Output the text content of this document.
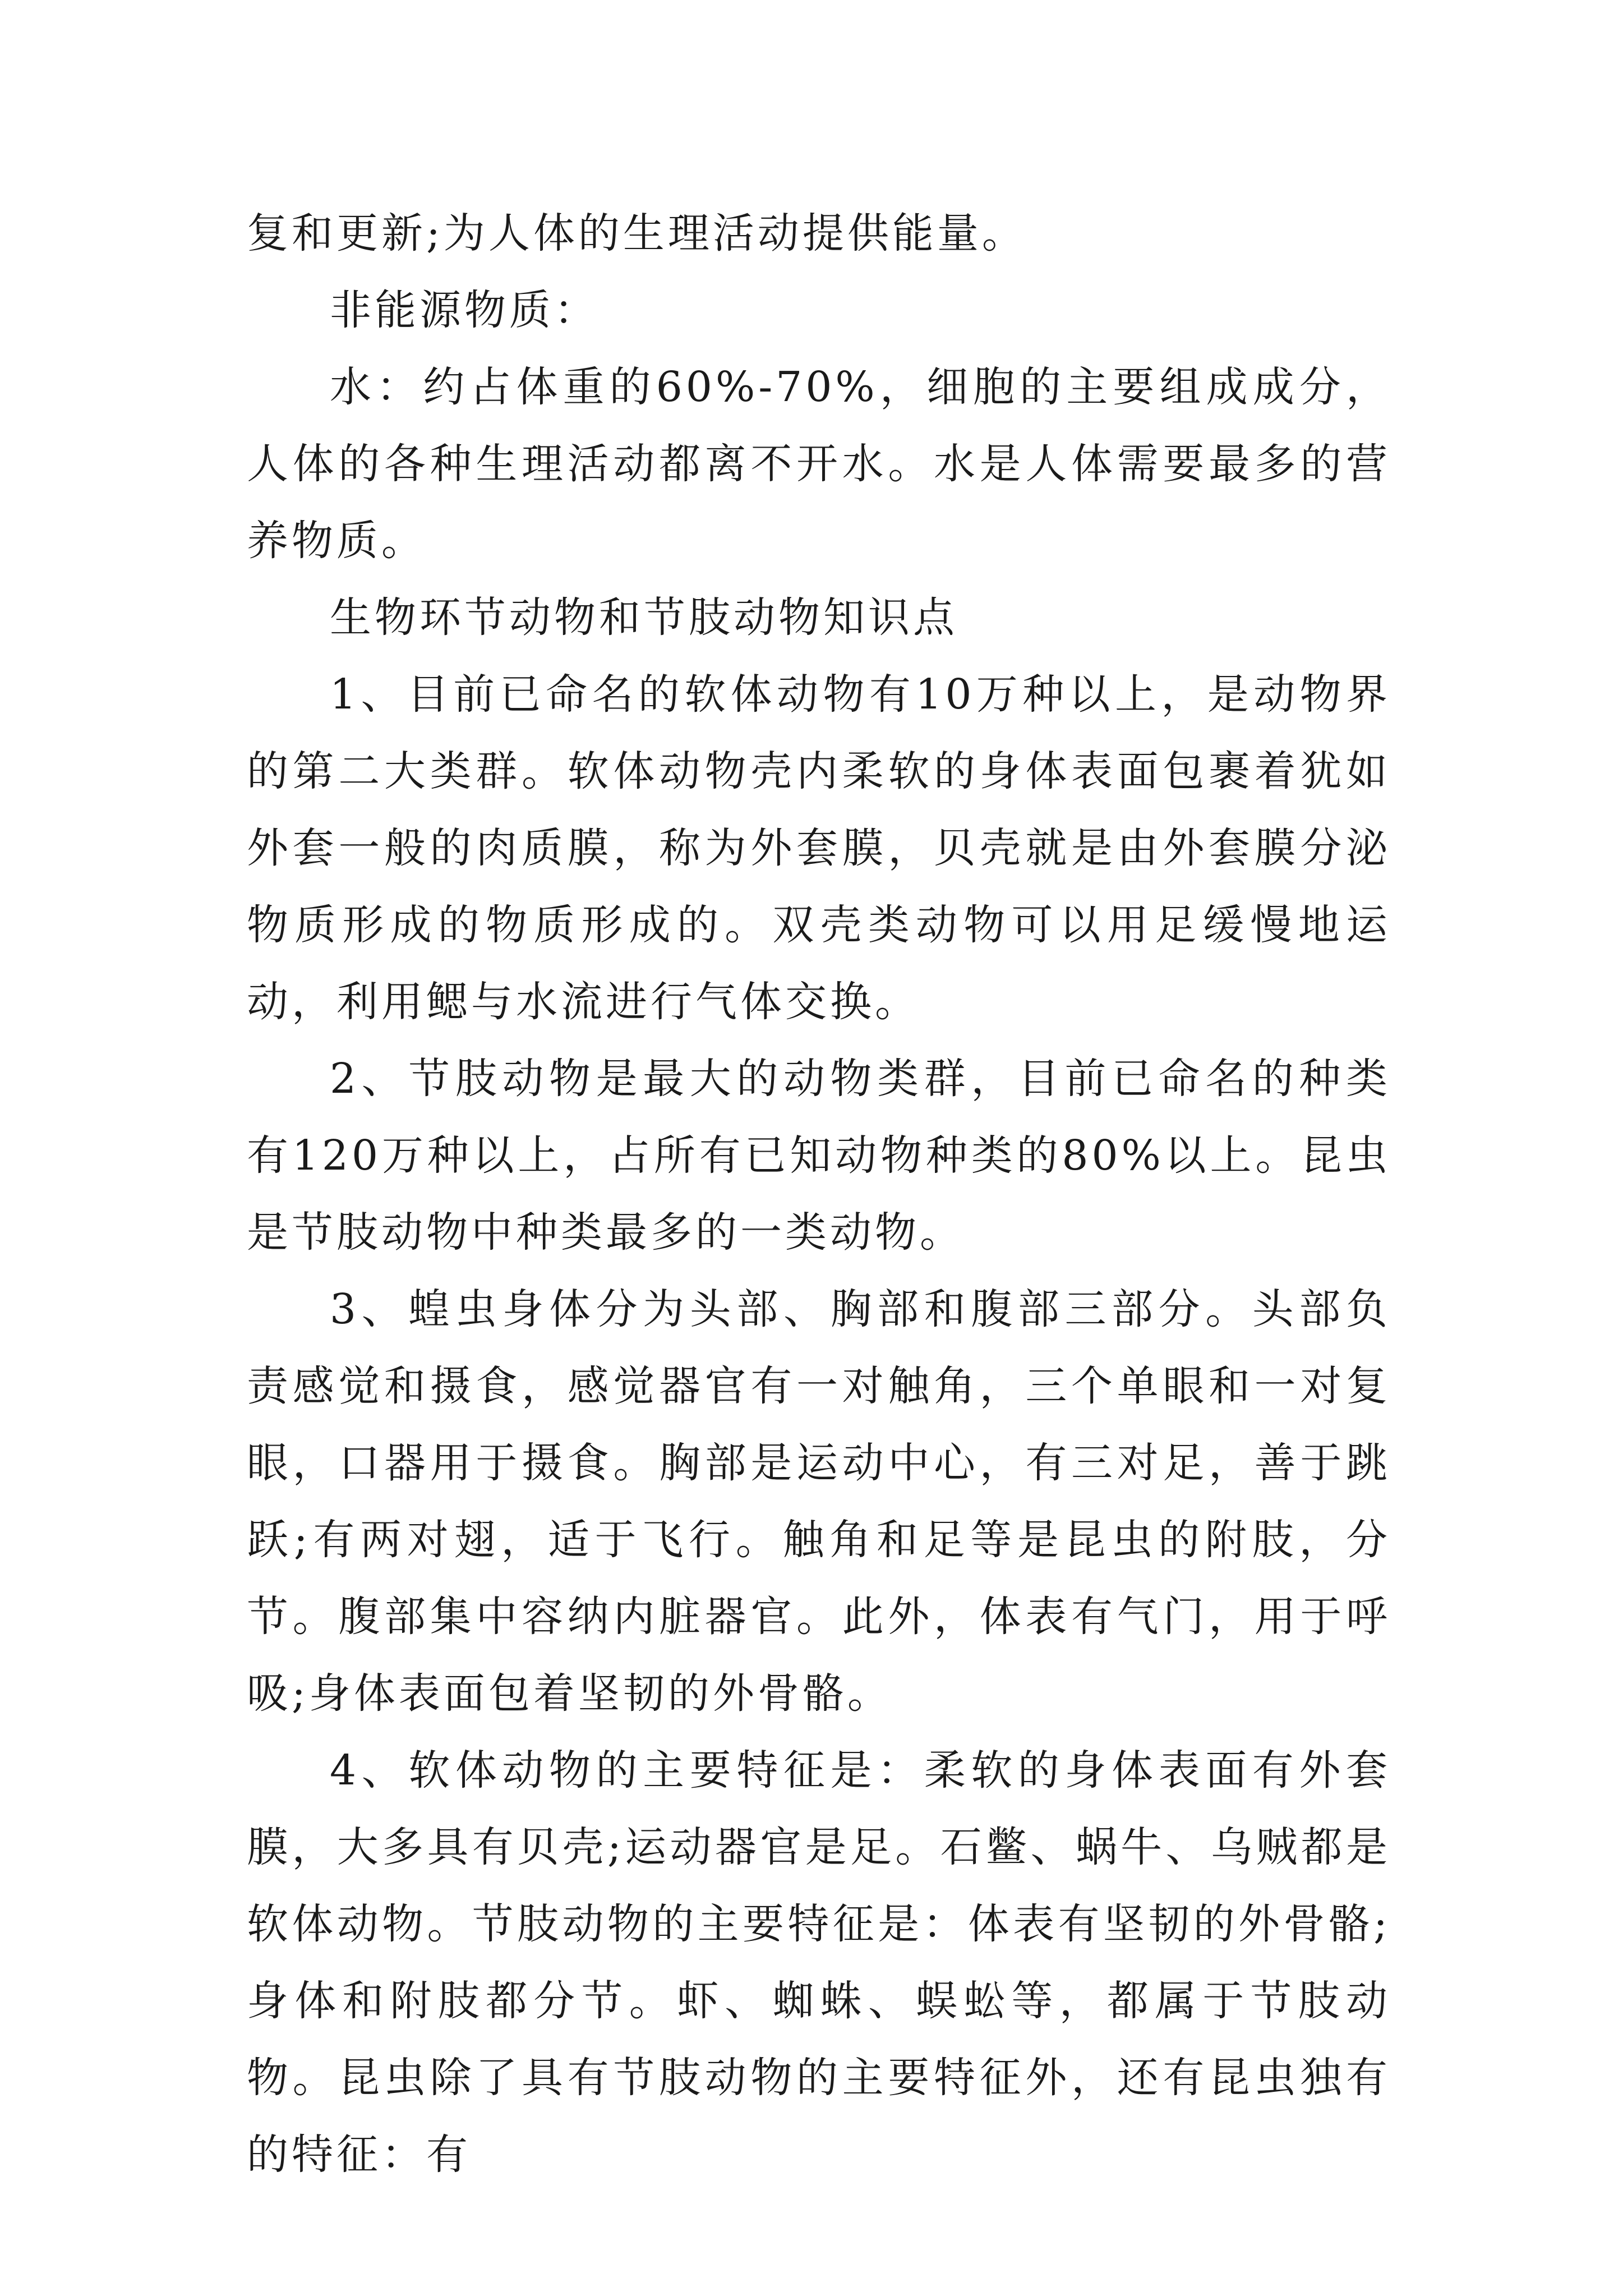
复和更新;为人体的生理活动提供能量。

非能源物质：

水：约占体重的60%-70%，细胞的主要组成成分，人体的各种生理活动都离不开水。水是人体需要最多的营养物质。

生物环节动物和节肢动物知识点

1、目前已命名的软体动物有10万种以上，是动物界的第二大类群。软体动物壳内柔软的身体表面包裹着犹如外套一般的肉质膜，称为外套膜，贝壳就是由外套膜分泌物质形成的物质形成的。双壳类动物可以用足缓慢地运动，利用鳃与水流进行气体交换。

2、节肢动物是最大的动物类群，目前已命名的种类有120万种以上，占所有已知动物种类的80%以上。昆虫是节肢动物中种类最多的一类动物。

3、蝗虫身体分为头部、胸部和腹部三部分。头部负责感觉和摄食，感觉器官有一对触角，三个单眼和一对复眼，口器用于摄食。胸部是运动中心，有三对足，善于跳跃;有两对翅，适于飞行。触角和足等是昆虫的附肢，分节。腹部集中容纳内脏器官。此外，体表有气门，用于呼吸;身体表面包着坚韧的外骨骼。

4、软体动物的主要特征是：柔软的身体表面有外套膜，大多具有贝壳;运动器官是足。石鳖、蜗牛、乌贼都是软体动物。节肢动物的主要特征是：体表有坚韧的外骨骼;身体和附肢都分节。虾、蜘蛛、蜈蚣等，都属于节肢动物。昆虫除了具有节肢动物的主要特征外，还有昆虫独有的特征：有
